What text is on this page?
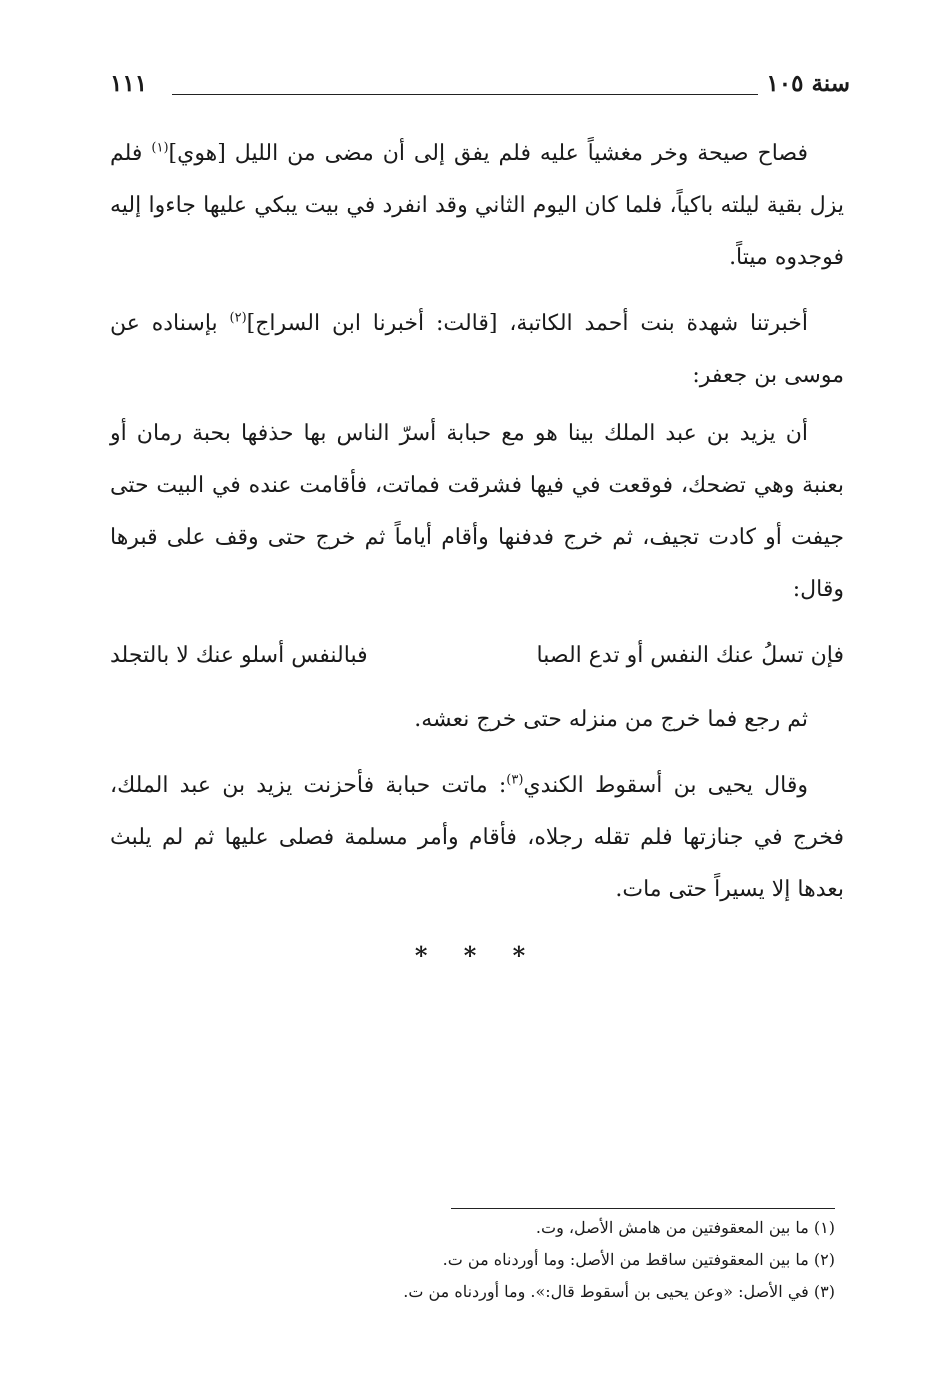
سنة ١٠٥
١١١

فصاح صيحة وخر مغشياً عليه فلم يفق إلى أن مضى من الليل [هوي]$^{(١)}$ فلم يزل بقية ليلته باكياً، فلما كان اليوم الثاني وقد انفرد في بيت يبكي عليها جاءوا إليه فوجدوه ميتاً.

أخبرتنا شهدة بنت أحمد الكاتبة، [قالت: أخبرنا ابن السراج]$^{(٢)}$ بإسناده عن موسى بن جعفر:

أن يزيد بن عبد الملك بينا هو مع حبابة أسرّ الناس بها حذفها بحبة رمان أو بعنبة وهي تضحك، فوقعت في فيها فشرقت فماتت، فأقامت عنده في البيت حتى جيفت أو كادت تجيف، ثم خرج فدفنها وأقام أياماً ثم خرج حتى وقف على قبرها وقال:

فإن تسلُ عنك النفس أو تدع الصبا
فبالنفس أسلو عنك لا بالتجلد

ثم رجع فما خرج من منزله حتى خرج نعشه.

وقال يحيى بن أسقوط الكندي$^{(٣)}$: ماتت حبابة فأحزنت يزيد بن عبد الملك، فخرج في جنازتها فلم تقله رجلاه، فأقام وأمر مسلمة فصلى عليها ثم لم يلبث بعدها إلا يسيراً حتى مات.

* * *
(١) ما بين المعقوفتين من هامش الأصل، وت.
(٢) ما بين المعقوفتين ساقط من الأصل: وما أوردناه من ت.
(٣) في الأصل: «وعن يحيى بن أسقوط قال:». وما أوردناه من ت.
